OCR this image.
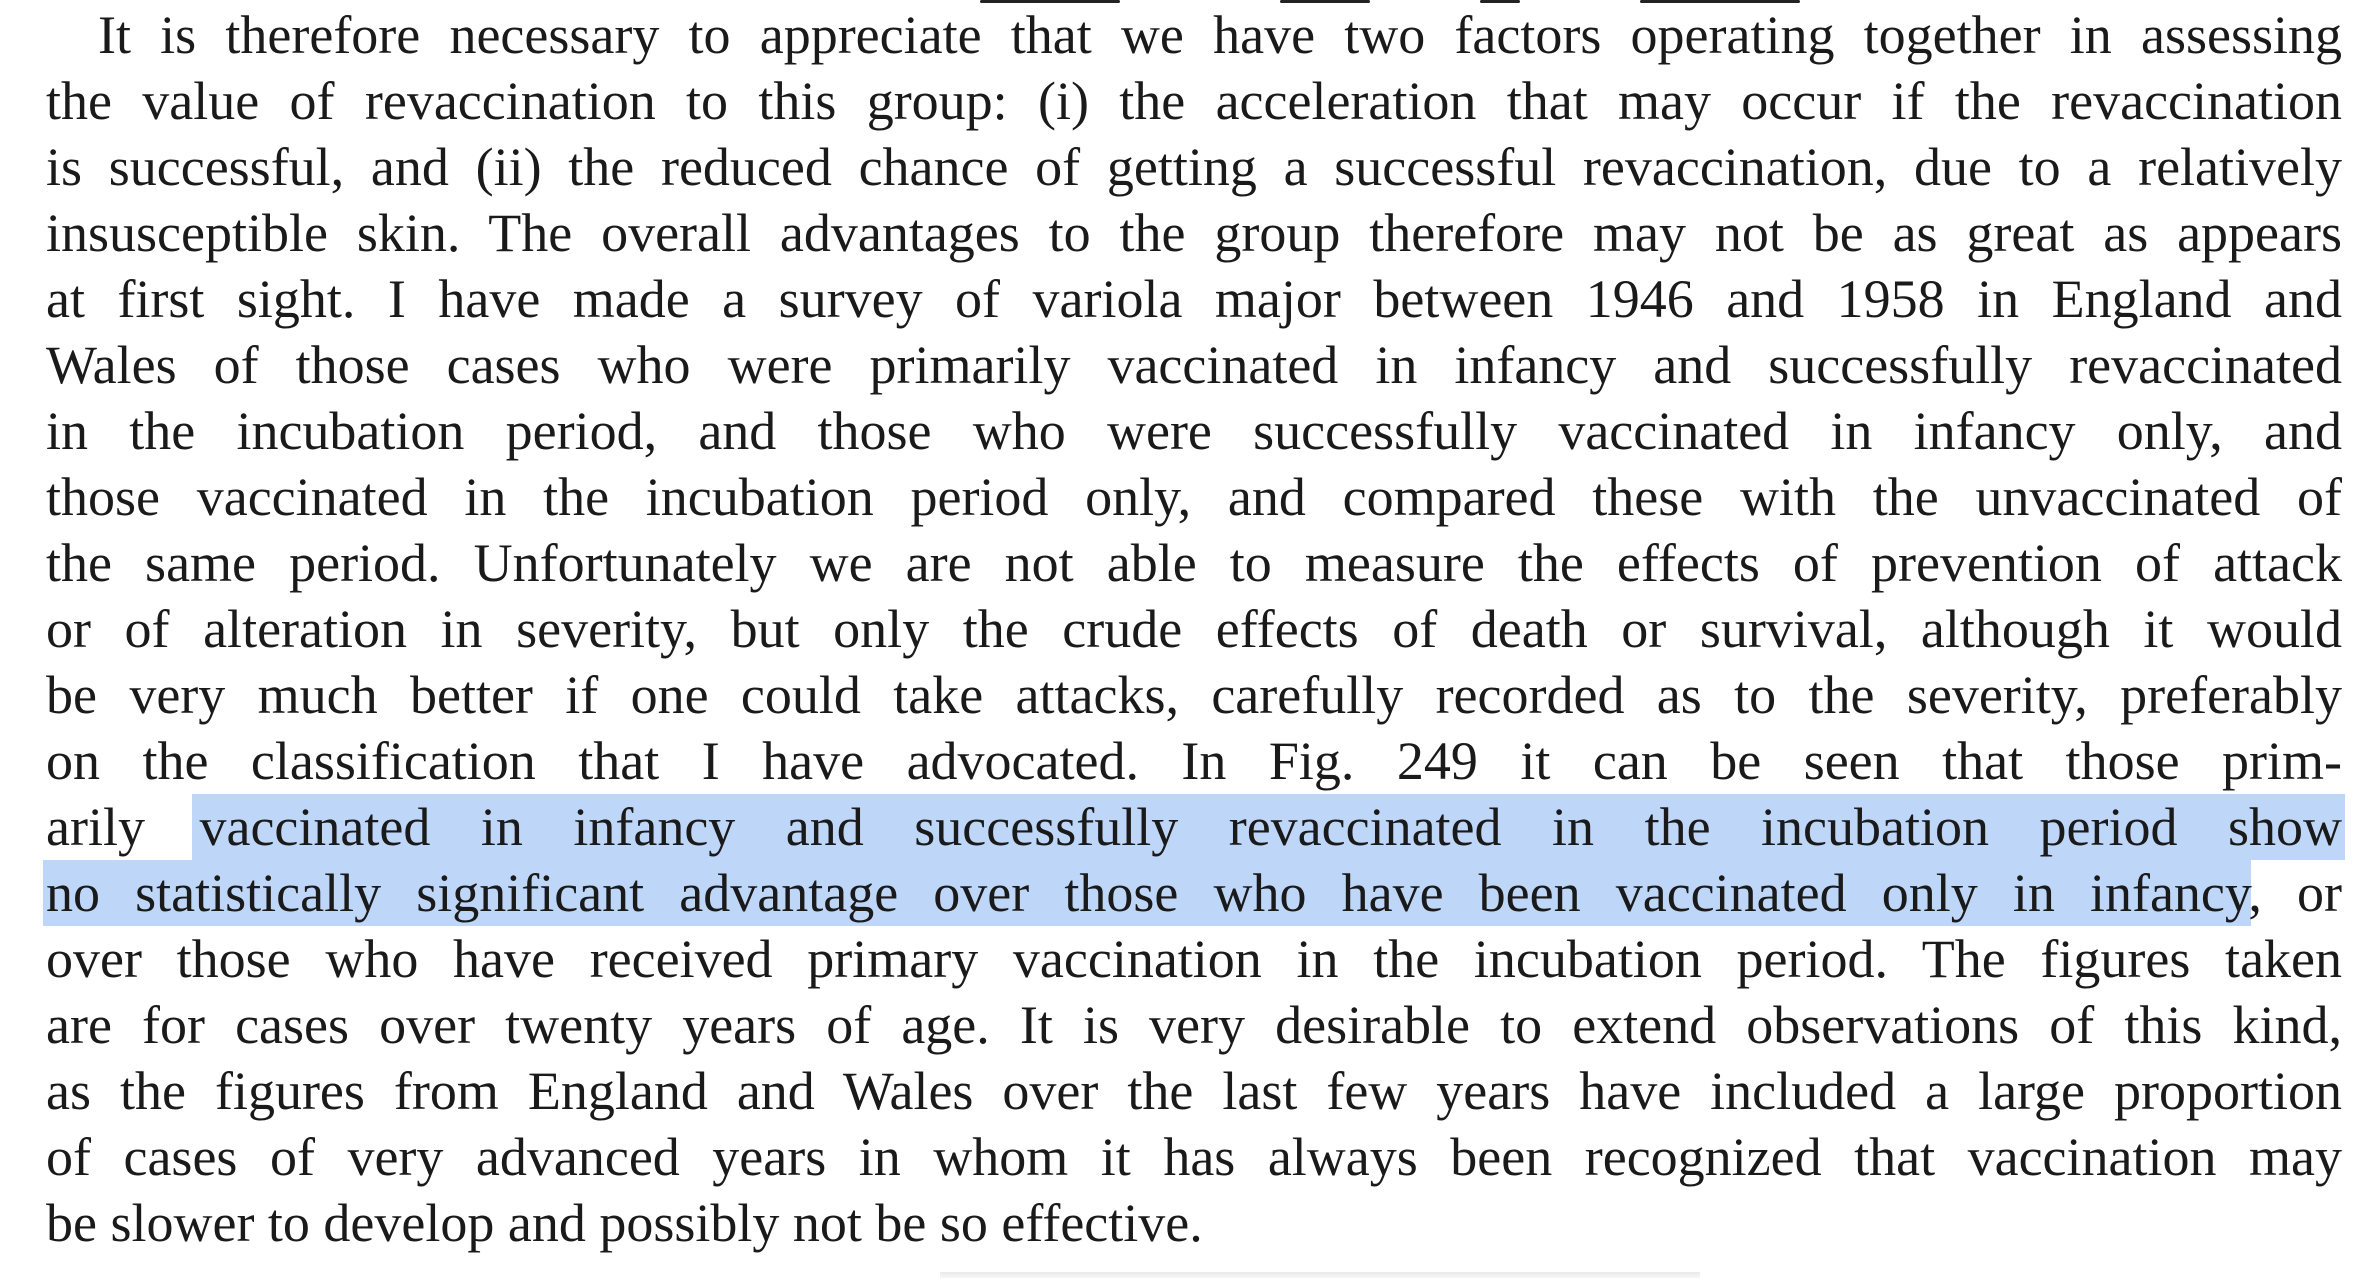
It is therefore necessary to appreciate that we have two factors operating together in assessing
the value of revaccination to this group: (i) the acceleration that may occur if the revaccination
is successful, and (ii) the reduced chance of getting a successful revaccination, due to a relatively
insusceptible skin. The overall advantages to the group therefore may not be as great as appears
at first sight. I have made a survey of variola major between 1946 and 1958 in England and
Wales of those cases who were primarily vaccinated in infancy and successfully revaccinated
in the incubation period, and those who were successfully vaccinated in infancy only, and
those vaccinated in the incubation period only, and compared these with the unvaccinated of
the same period. Unfortunately we are not able to measure the effects of prevention of attack
or of alteration in severity, but only the crude effects of death or survival, although it would
be very much better if one could take attacks, carefully recorded as to the severity, preferably
on the classification that I have advocated. In Fig. 249 it can be seen that those prim-
arily vaccinated in infancy and successfully revaccinated in the incubation period show
no statistically significant advantage over those who have been vaccinated only in infancy, or
over those who have received primary vaccination in the incubation period. The figures taken
are for cases over twenty years of age. It is very desirable to extend observations of this kind,
as the figures from England and Wales over the last few years have included a large proportion
of cases of very advanced years in whom it has always been recognized that vaccination may
be slower to develop and possibly not be so effective.
